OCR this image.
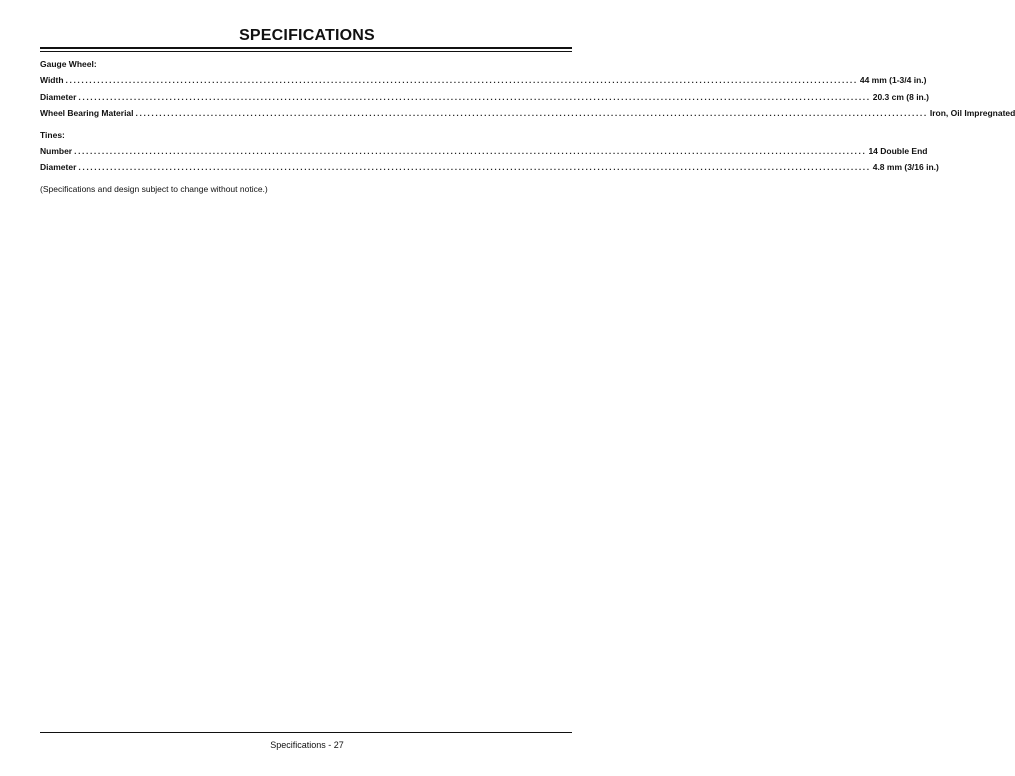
SPECIFICATIONS
Gauge Wheel:
Width ........................................................................................................................................................................................................ 44 mm (1-3/4 in.)
Diameter ........................................................................................................................................................................................................ 20.3 cm (8 in.)
Wheel Bearing Material ........................................................................................................................................................................................................ Iron, Oil Impregnated
Tines:
Number ........................................................................................................................................................................................................ 14 Double End
Diameter ........................................................................................................................................................................................................ 4.8 mm (3/16 in.)
(Specifications and design subject to change without notice.)
Specifications - 27
